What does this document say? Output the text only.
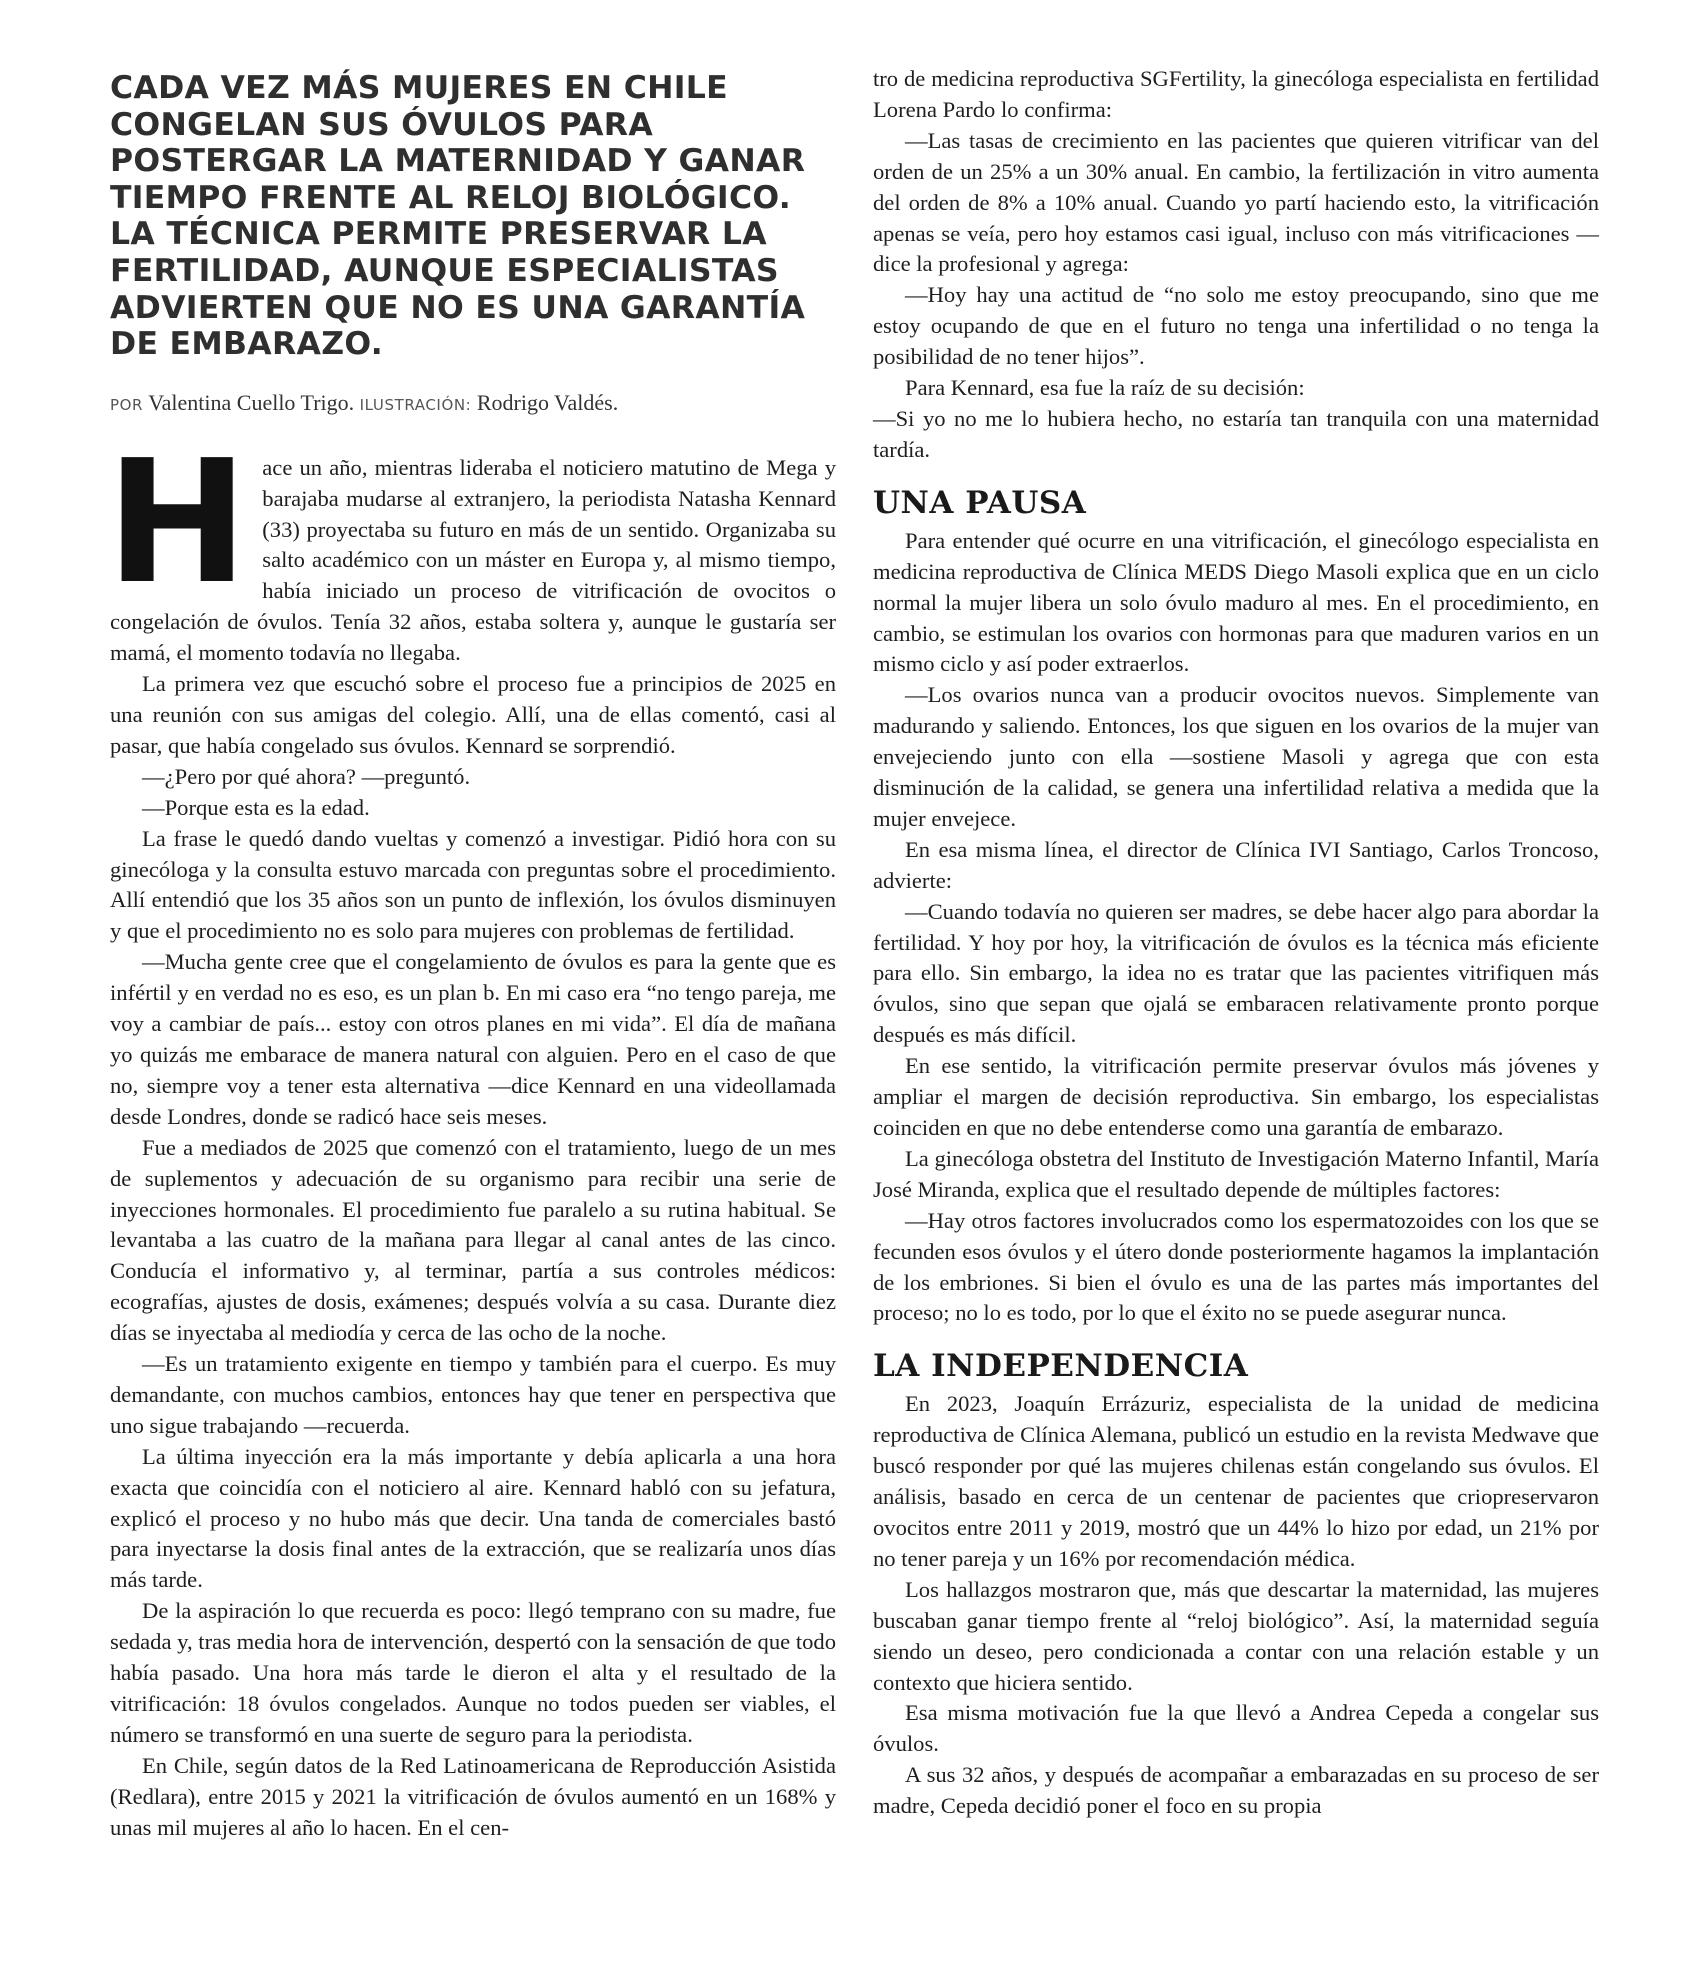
CADA VEZ MÁS MUJERES EN CHILE CONGELAN SUS ÓVULOS PARA POSTERGAR LA MATERNIDAD Y GANAR TIEMPO FRENTE AL RELOJ BIOLÓGICO. LA TÉCNICA PERMITE PRESERVAR LA FERTILIDAD, AUNQUE ESPECIALISTAS ADVIERTEN QUE NO ES UNA GARANTÍA DE EMBARAZO.
POR Valentina Cuello Trigo. ILUSTRACIÓN: Rodrigo Valdés.

Hace un año, mientras lideraba el noticiero matutino de Mega y barajaba mudarse al extranjero, la periodista Natasha Kennard (33) proyectaba su futuro en más de un sentido. Organizaba su salto académico con un máster en Europa y, al mismo tiempo, había iniciado un proceso de vitrificación de ovocitos o congelación de óvulos. Tenía 32 años, estaba soltera y, aunque le gustaría ser mamá, el momento todavía no llegaba.

La primera vez que escuchó sobre el proceso fue a principios de 2025 en una reunión con sus amigas del colegio. Allí, una de ellas comentó, casi al pasar, que había congelado sus óvulos. Kennard se sorprendió.

—¿Pero por qué ahora? —preguntó.

—Porque esta es la edad.

La frase le quedó dando vueltas y comenzó a investigar. Pidió hora con su ginecóloga y la consulta estuvo marcada con preguntas sobre el procedimiento. Allí entendió que los 35 años son un punto de inflexión, los óvulos disminuyen y que el procedimiento no es solo para mujeres con problemas de fertilidad.

—Mucha gente cree que el congelamiento de óvulos es para la gente que es infértil y en verdad no es eso, es un plan b. En mi caso era “no tengo pareja, me voy a cambiar de país... estoy con otros planes en mi vida”. El día de mañana yo quizás me embarace de manera natural con alguien. Pero en el caso de que no, siempre voy a tener esta alternativa —dice Kennard en una videollamada desde Londres, donde se radicó hace seis meses.

Fue a mediados de 2025 que comenzó con el tratamiento, luego de un mes de suplementos y adecuación de su organismo para recibir una serie de inyecciones hormonales. El procedimiento fue paralelo a su rutina habitual. Se levantaba a las cuatro de la mañana para llegar al canal antes de las cinco. Conducía el informativo y, al terminar, partía a sus controles médicos: ecografías, ajustes de dosis, exámenes; después volvía a su casa. Durante diez días se inyectaba al mediodía y cerca de las ocho de la noche.

—Es un tratamiento exigente en tiempo y también para el cuerpo. Es muy demandante, con muchos cambios, entonces hay que tener en perspectiva que uno sigue trabajando —recuerda.

La última inyección era la más importante y debía aplicarla a una hora exacta que coincidía con el noticiero al aire. Kennard habló con su jefatura, explicó el proceso y no hubo más que decir. Una tanda de comerciales bastó para inyectarse la dosis final antes de la extracción, que se realizaría unos días más tarde.

De la aspiración lo que recuerda es poco: llegó temprano con su madre, fue sedada y, tras media hora de intervención, despertó con la sensación de que todo había pasado. Una hora más tarde le dieron el alta y el resultado de la vitrificación: 18 óvulos congelados. Aunque no todos pueden ser viables, el número se transformó en una suerte de seguro para la periodista.

En Chile, según datos de la Red Latinoamericana de Reproducción Asistida (Redlara), entre 2015 y 2021 la vitrificación de óvulos aumentó en un 168% y unas mil mujeres al año lo hacen. En el cen-

tro de medicina reproductiva SGFertility, la ginecóloga especialista en fertilidad Lorena Pardo lo confirma:

—Las tasas de crecimiento en las pacientes que quieren vitrificar van del orden de un 25% a un 30% anual. En cambio, la fertilización in vitro aumenta del orden de 8% a 10% anual. Cuando yo partí haciendo esto, la vitrificación apenas se veía, pero hoy estamos casi igual, incluso con más vitrificaciones —dice la profesional y agrega:

—Hoy hay una actitud de “no solo me estoy preocupando, sino que me estoy ocupando de que en el futuro no tenga una infertilidad o no tenga la posibilidad de no tener hijos”.

Para Kennard, esa fue la raíz de su decisión:

—Si yo no me lo hubiera hecho, no estaría tan tranquila con una maternidad tardía.

UNA PAUSA

Para entender qué ocurre en una vitrificación, el ginecólogo especialista en medicina reproductiva de Clínica MEDS Diego Masoli explica que en un ciclo normal la mujer libera un solo óvulo maduro al mes. En el procedimiento, en cambio, se estimulan los ovarios con hormonas para que maduren varios en un mismo ciclo y así poder extraerlos.

—Los ovarios nunca van a producir ovocitos nuevos. Simplemente van madurando y saliendo. Entonces, los que siguen en los ovarios de la mujer van envejeciendo junto con ella —sostiene Masoli y agrega que con esta disminución de la calidad, se genera una infertilidad relativa a medida que la mujer envejece.

En esa misma línea, el director de Clínica IVI Santiago, Carlos Troncoso, advierte:

—Cuando todavía no quieren ser madres, se debe hacer algo para abordar la fertilidad. Y hoy por hoy, la vitrificación de óvulos es la técnica más eficiente para ello. Sin embargo, la idea no es tratar que las pacientes vitrifiquen más óvulos, sino que sepan que ojalá se embaracen relativamente pronto porque después es más difícil.

En ese sentido, la vitrificación permite preservar óvulos más jóvenes y ampliar el margen de decisión reproductiva. Sin embargo, los especialistas coinciden en que no debe entenderse como una garantía de embarazo.

La ginecóloga obstetra del Instituto de Investigación Materno Infantil, María José Miranda, explica que el resultado depende de múltiples factores:

—Hay otros factores involucrados como los espermatozoides con los que se fecunden esos óvulos y el útero donde posteriormente hagamos la implantación de los embriones. Si bien el óvulo es una de las partes más importantes del proceso; no lo es todo, por lo que el éxito no se puede asegurar nunca.

LA INDEPENDENCIA

En 2023, Joaquín Errázuriz, especialista de la unidad de medicina reproductiva de Clínica Alemana, publicó un estudio en la revista Medwave que buscó responder por qué las mujeres chilenas están congelando sus óvulos. El análisis, basado en cerca de un centenar de pacientes que criopreservaron ovocitos entre 2011 y 2019, mostró que un 44% lo hizo por edad, un 21% por no tener pareja y un 16% por recomendación médica.

Los hallazgos mostraron que, más que descartar la maternidad, las mujeres buscaban ganar tiempo frente al “reloj biológico”. Así, la maternidad seguía siendo un deseo, pero condicionada a contar con una relación estable y un contexto que hiciera sentido.

Esa misma motivación fue la que llevó a Andrea Cepeda a congelar sus óvulos.

A sus 32 años, y después de acompañar a embarazadas en su proceso de ser madre, Cepeda decidió poner el foco en su propia
